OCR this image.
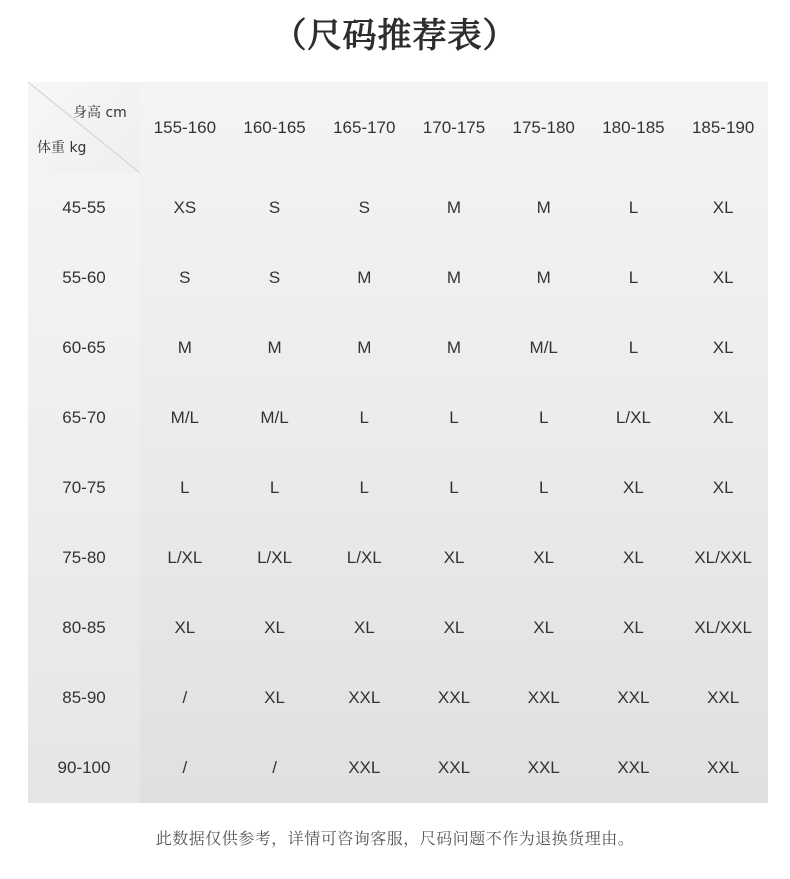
（尺码推荐表）
身高 cm
体重 kg
155-160	160-165	165-170	170-175	175-180	180-185	185-190
45-55	XS	S	S	M	M	L	XL
55-60	S	S	M	M	M	L	XL
60-65	M	M	M	M	M/L	L	XL
65-70	M/L	M/L	L	L	L	L/XL	XL
70-75	L	L	L	L	L	XL	XL
75-80	L/XL	L/XL	L/XL	XL	XL	XL	XL/XXL
80-85	XL	XL	XL	XL	XL	XL	XL/XXL
85-90	/	XL	XXL	XXL	XXL	XXL	XXL
90-100	/	/	XXL	XXL	XXL	XXL	XXL
此数据仅供参考，详情可咨询客服，尺码问题不作为退换货理由。
